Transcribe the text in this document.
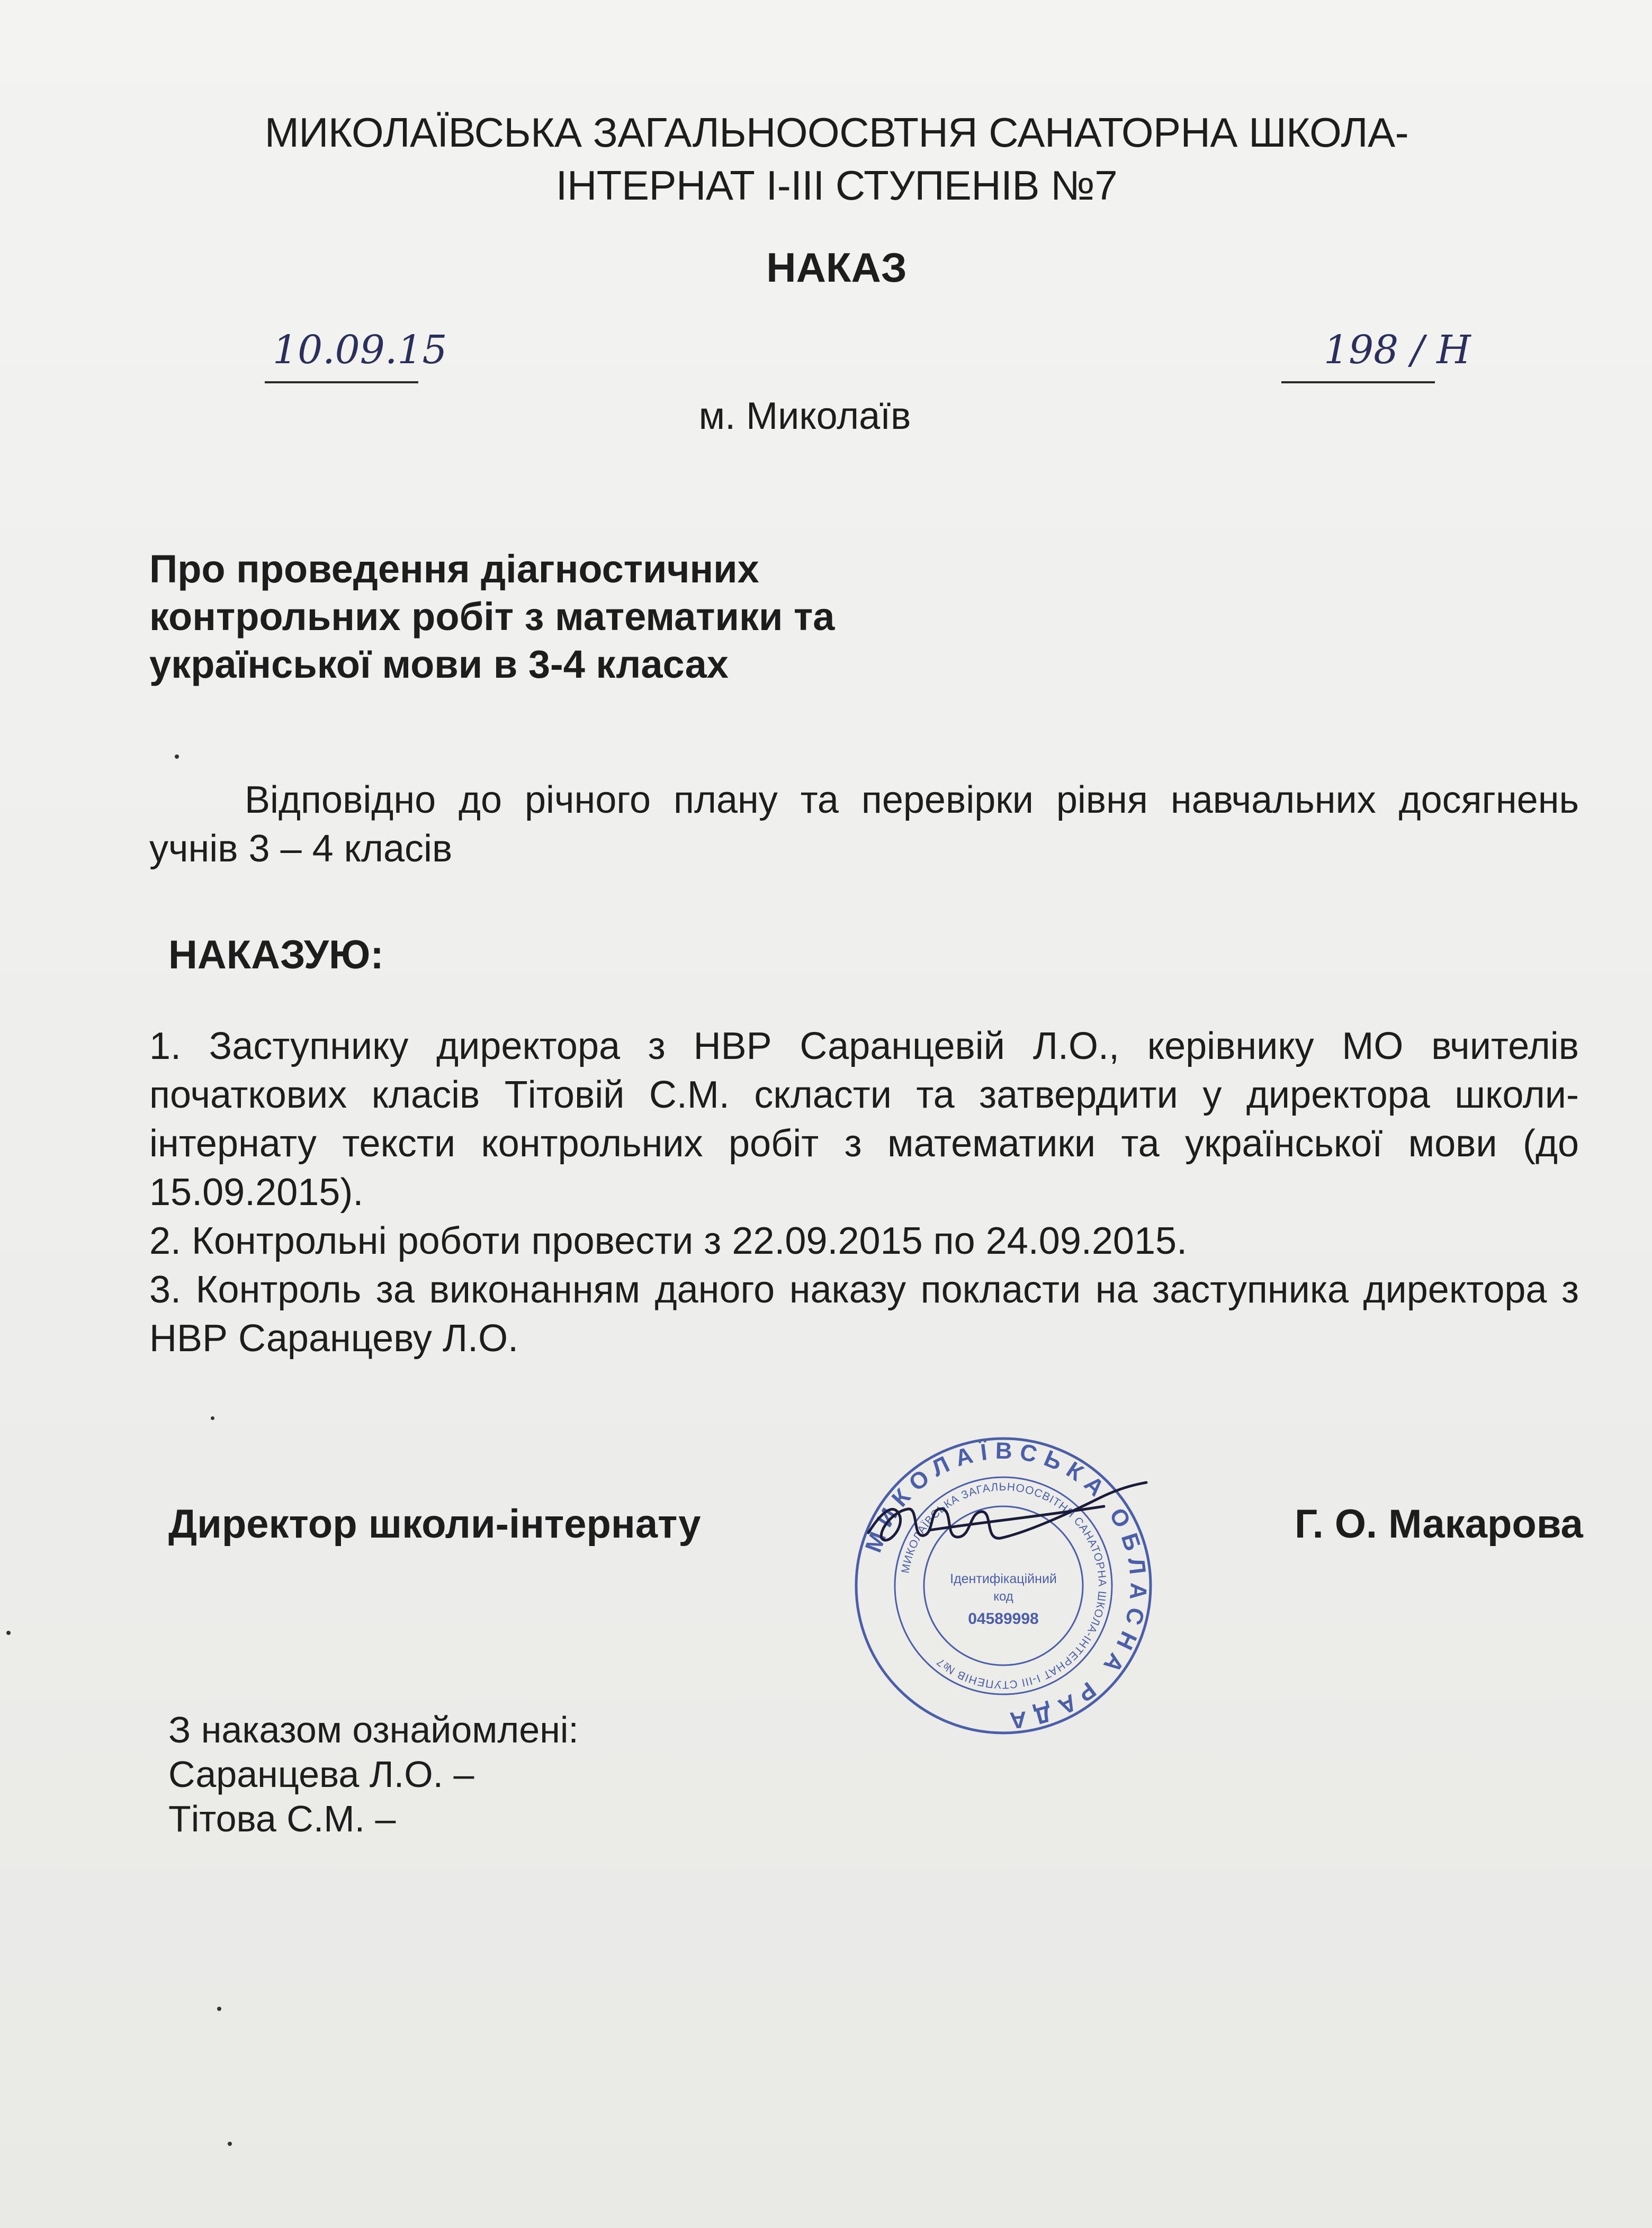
МИКОЛАЇВСЬКА ЗАГАЛЬНООСВТНЯ САНАТОРНА ШКОЛА-
ІНТЕРНАТ І-ІІІ СТУПЕНІВ №7
НАКАЗ
10.09.15	198 / Н
м. Миколаїв
Про проведення діагностичних
контрольних робіт з математики та
української мови в 3-4 класах
Відповідно до річного плану та перевірки рівня навчальних досягнень учнів 3 – 4 класів
НАКАЗУЮ:

1. Заступнику директора з НВР Саранцевій Л.О., керівнику МО вчителів початкових класів Тітовій С.М. скласти та затвердити у директора школи-інтернату тексти контрольних робіт з математики та української мови (до 15.09.2015).

2. Контрольні роботи провести з 22.09.2015 по 24.09.2015.

3. Контроль за виконанням даного наказу покласти на заступника директора з НВР Саранцеву Л.О.

Директор школи-інтернату	Г. О. Макарова
МИКОЛАЇВСЬКА ОБЛАСНА РАДА
МИКОЛАЇВСЬКА ЗАГАЛЬНООСВІТНЯ САНАТОРНА ШКОЛА-ІНТЕРНАТ І-ІІІ СТУПЕНІВ №7
Ідентифікаційний
код
04589998
З наказом ознайомлені:
Саранцева Л.О. –
Тітова С.М. –
